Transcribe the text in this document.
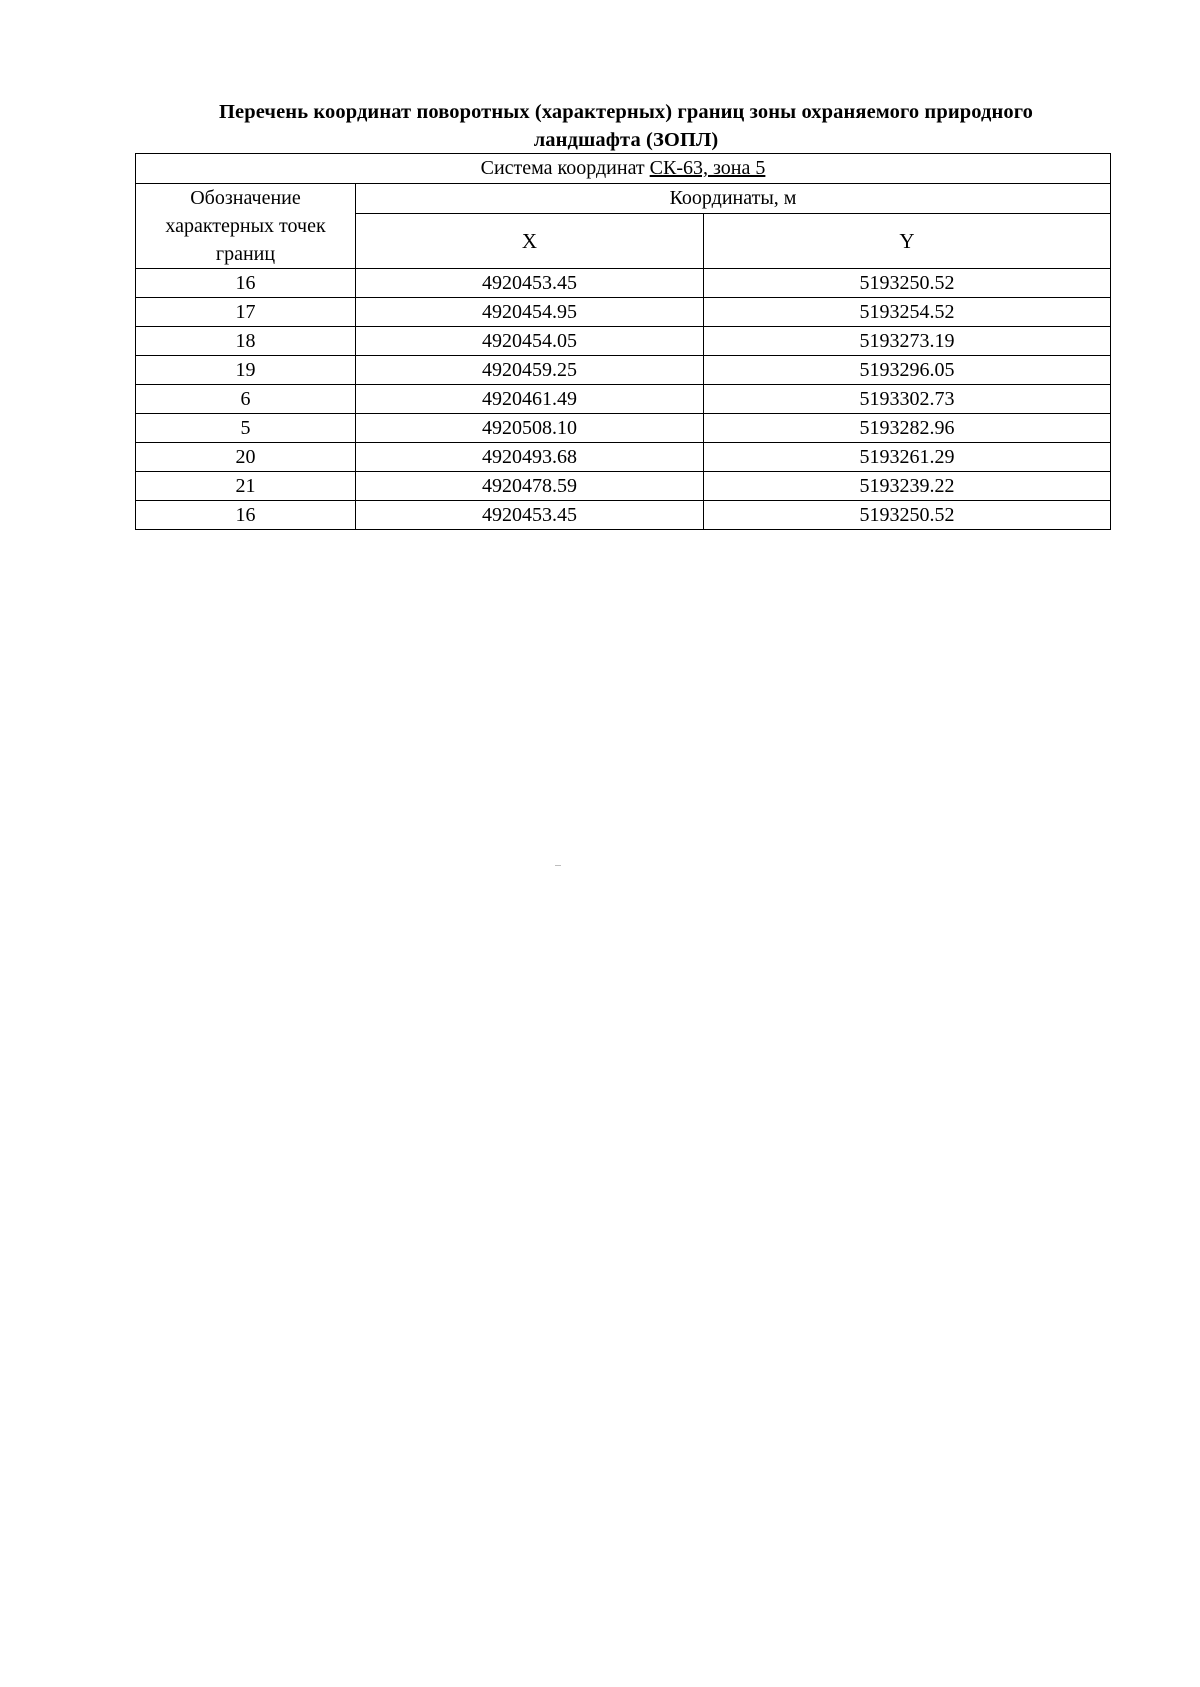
Перечень координат поворотных (характерных) границ зоны охраняемого природного
ландшафта (ЗОПЛ)
Система координат СК-63, зона 5		
Обозначение характерных точек границ	Координаты, м	
	X	Y
16	4920453.45	5193250.52
17	4920454.95	5193254.52
18	4920454.05	5193273.19
19	4920459.25	5193296.05
6	4920461.49	5193302.73
5	4920508.10	5193282.96
20	4920493.68	5193261.29
21	4920478.59	5193239.22
16	4920453.45	5193250.52
